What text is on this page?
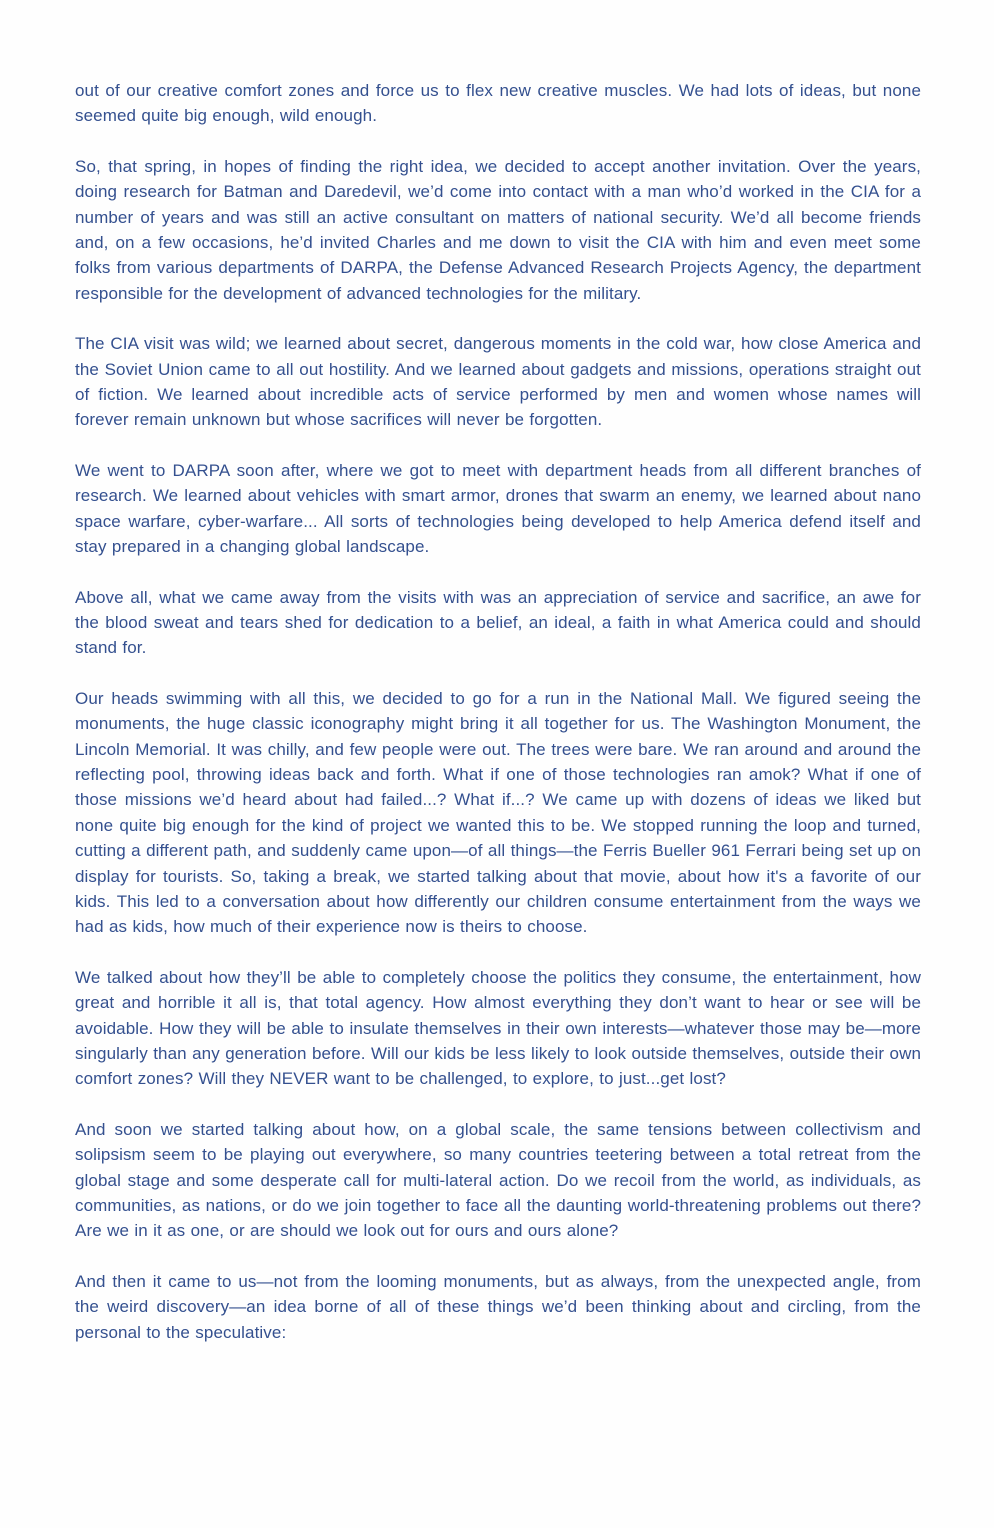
out of our creative comfort zones and force us to flex new creative muscles. We had lots of ideas, but none seemed quite big enough, wild enough.

So, that spring, in hopes of finding the right idea, we decided to accept another invitation. Over the years, doing research for Batman and Daredevil, we’d come into contact with a man who’d worked in the CIA for a number of years and was still an active consultant on matters of national security. We’d all become friends and, on a few occasions, he’d invited Charles and me down to visit the CIA with him and even meet some folks from various departments of DARPA, the Defense Advanced Research Projects Agency, the department responsible for the development of advanced technologies for the military.

The CIA visit was wild; we learned about secret, dangerous moments in the cold war, how close America and the Soviet Union came to all out hostility. And we learned about gadgets and missions, operations straight out of fiction. We learned about incredible acts of service performed by men and women whose names will forever remain unknown but whose sacrifices will never be forgotten.

We went to DARPA soon after, where we got to meet with department heads from all different branches of research. We learned about vehicles with smart armor, drones that swarm an enemy, we learned about nano space warfare, cyber-warfare... All sorts of technologies being developed to help America defend itself and stay prepared in a changing global landscape.

Above all, what we came away from the visits with was an appreciation of service and sacrifice, an awe for the blood sweat and tears shed for dedication to a belief, an ideal, a faith in what America could and should stand for.

Our heads swimming with all this, we decided to go for a run in the National Mall. We figured seeing the monuments, the huge classic iconography might bring it all together for us. The Washington Monument, the Lincoln Memorial. It was chilly, and few people were out. The trees were bare. We ran around and around the reflecting pool, throwing ideas back and forth. What if one of those technologies ran amok? What if one of those missions we’d heard about had failed...? What if...? We came up with dozens of ideas we liked but none quite big enough for the kind of project we wanted this to be. We stopped running the loop and turned, cutting a different path, and suddenly came upon—of all things—the Ferris Bueller 961 Ferrari being set up on display for tourists. So, taking a break, we started talking about that movie, about how it's a favorite of our kids. This led to a conversation about how differently our children consume entertainment from the ways we had as kids, how much of their experience now is theirs to choose.

We talked about how they’ll be able to completely choose the politics they consume, the entertainment, how great and horrible it all is, that total agency. How almost everything they don’t want to hear or see will be avoidable. How they will be able to insulate themselves in their own interests—whatever those may be—more singularly than any generation before. Will our kids be less likely to look outside themselves, outside their own comfort zones? Will they NEVER want to be challenged, to explore, to just...get lost?

And soon we started talking about how, on a global scale, the same tensions between collectivism and solipsism seem to be playing out everywhere, so many countries teetering between a total retreat from the global stage and some desperate call for multi-lateral action. Do we recoil from the world, as individuals, as communities, as nations, or do we join together to face all the daunting world-threatening problems out there? Are we in it as one, or are should we look out for ours and ours alone?

And then it came to us—not from the looming monuments, but as always, from the unexpected angle, from the weird discovery—an idea borne of all of these things we’d been thinking about and circling, from the personal to the speculative:
